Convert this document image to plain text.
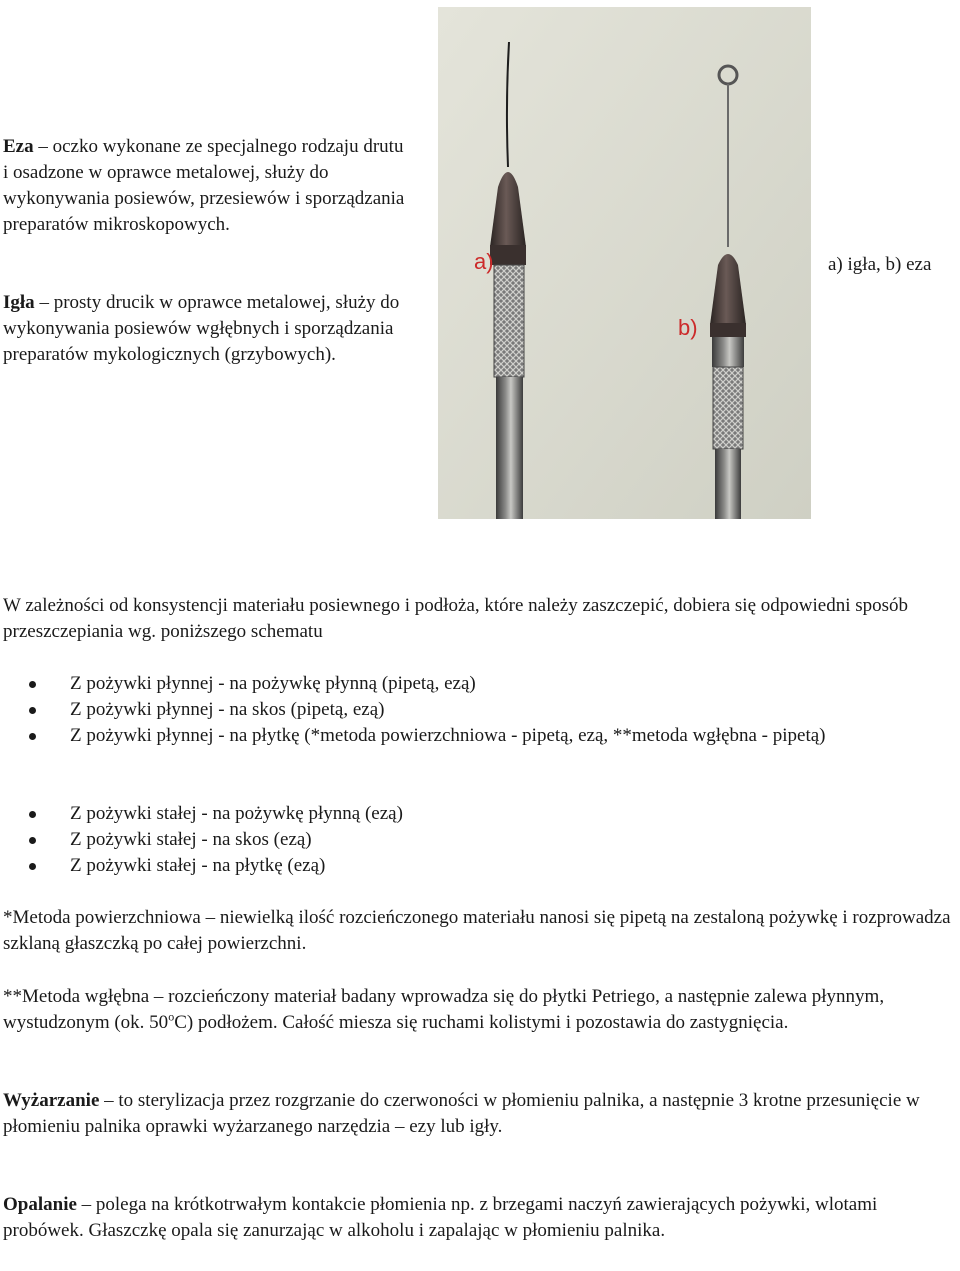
Eza – oczko wykonane ze specjalnego rodzaju drutu i osadzone w oprawce metalowej, służy do wykonywania posiewów, przesiewów i sporządzania preparatów mikroskopowych.

Igła – prosty drucik w oprawce metalowej, służy do wykonywania posiewów wgłębnych i sporządzania preparatów mykologicznych (grzybowych).

a)
b)
a) igła, b) eza

W zależności od konsystencji materiału posiewnego i podłoża, które należy zaszczepić, dobiera się odpowiedni sposób przeszczepiania wg. poniższego schematu

Z pożywki płynnej - na pożywkę płynną (pipetą, ezą)
Z pożywki płynnej - na skos (pipetą, ezą)
Z pożywki płynnej - na płytkę (*metoda powierzchniowa - pipetą, ezą, **metoda wgłębna - pipetą)
Z pożywki stałej - na pożywkę płynną (ezą)
Z pożywki stałej - na skos (ezą)
Z pożywki stałej - na płytkę (ezą)

*Metoda powierzchniowa – niewielką ilość rozcieńczonego materiału nanosi się pipetą na zestaloną pożywkę i rozprowadza szklaną głaszczką po całej powierzchni.

**Metoda wgłębna – rozcieńczony materiał badany wprowadza się do płytki Petriego, a następnie zalewa płynnym, wystudzonym (ok. 50$^o$C) podłożem. Całość miesza się ruchami kolistymi i pozostawia do zastygnięcia.

Wyżarzanie – to sterylizacja przez rozgrzanie do czerwoności w płomieniu palnika, a następnie 3 krotne przesunięcie w płomieniu palnika oprawki wyżarzanego narzędzia – ezy lub igły.

Opalanie – polega na krótkotrwałym kontakcie płomienia np. z brzegami naczyń zawierających pożywki, wlotami probówek. Głaszczkę opala się zanurzając w alkoholu i zapalając w płomieniu palnika.
